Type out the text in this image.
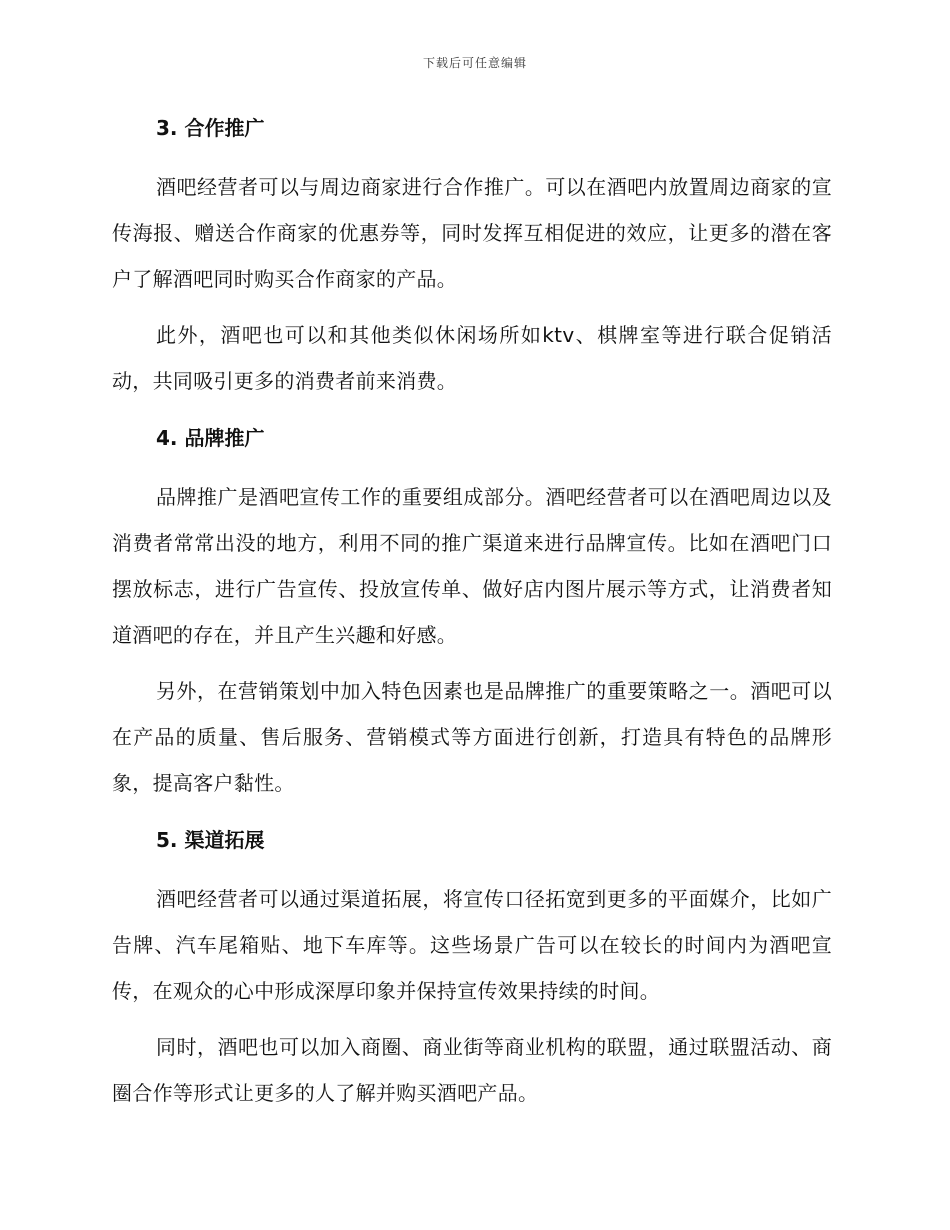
下载后可任意编辑
3. 合作推广

酒吧经营者可以与周边商家进行合作推广。可以在酒吧内放置周边商家的宣传海报、赠送合作商家的优惠券等，同时发挥互相促进的效应，让更多的潜在客户了解酒吧同时购买合作商家的产品。

此外，酒吧也可以和其他类似休闲场所如ktv、棋牌室等进行联合促销活动，共同吸引更多的消费者前来消费。

4. 品牌推广

品牌推广是酒吧宣传工作的重要组成部分。酒吧经营者可以在酒吧周边以及消费者常常出没的地方，利用不同的推广渠道来进行品牌宣传。比如在酒吧门口摆放标志，进行广告宣传、投放宣传单、做好店内图片展示等方式，让消费者知道酒吧的存在，并且产生兴趣和好感。

另外，在营销策划中加入特色因素也是品牌推广的重要策略之一。酒吧可以在产品的质量、售后服务、营销模式等方面进行创新，打造具有特色的品牌形象，提高客户黏性。

5. 渠道拓展

酒吧经营者可以通过渠道拓展，将宣传口径拓宽到更多的平面媒介，比如广告牌、汽车尾箱贴、地下车库等。这些场景广告可以在较长的时间内为酒吧宣传，在观众的心中形成深厚印象并保持宣传效果持续的时间。

同时，酒吧也可以加入商圈、商业街等商业机构的联盟，通过联盟活动、商圈合作等形式让更多的人了解并购买酒吧产品。
